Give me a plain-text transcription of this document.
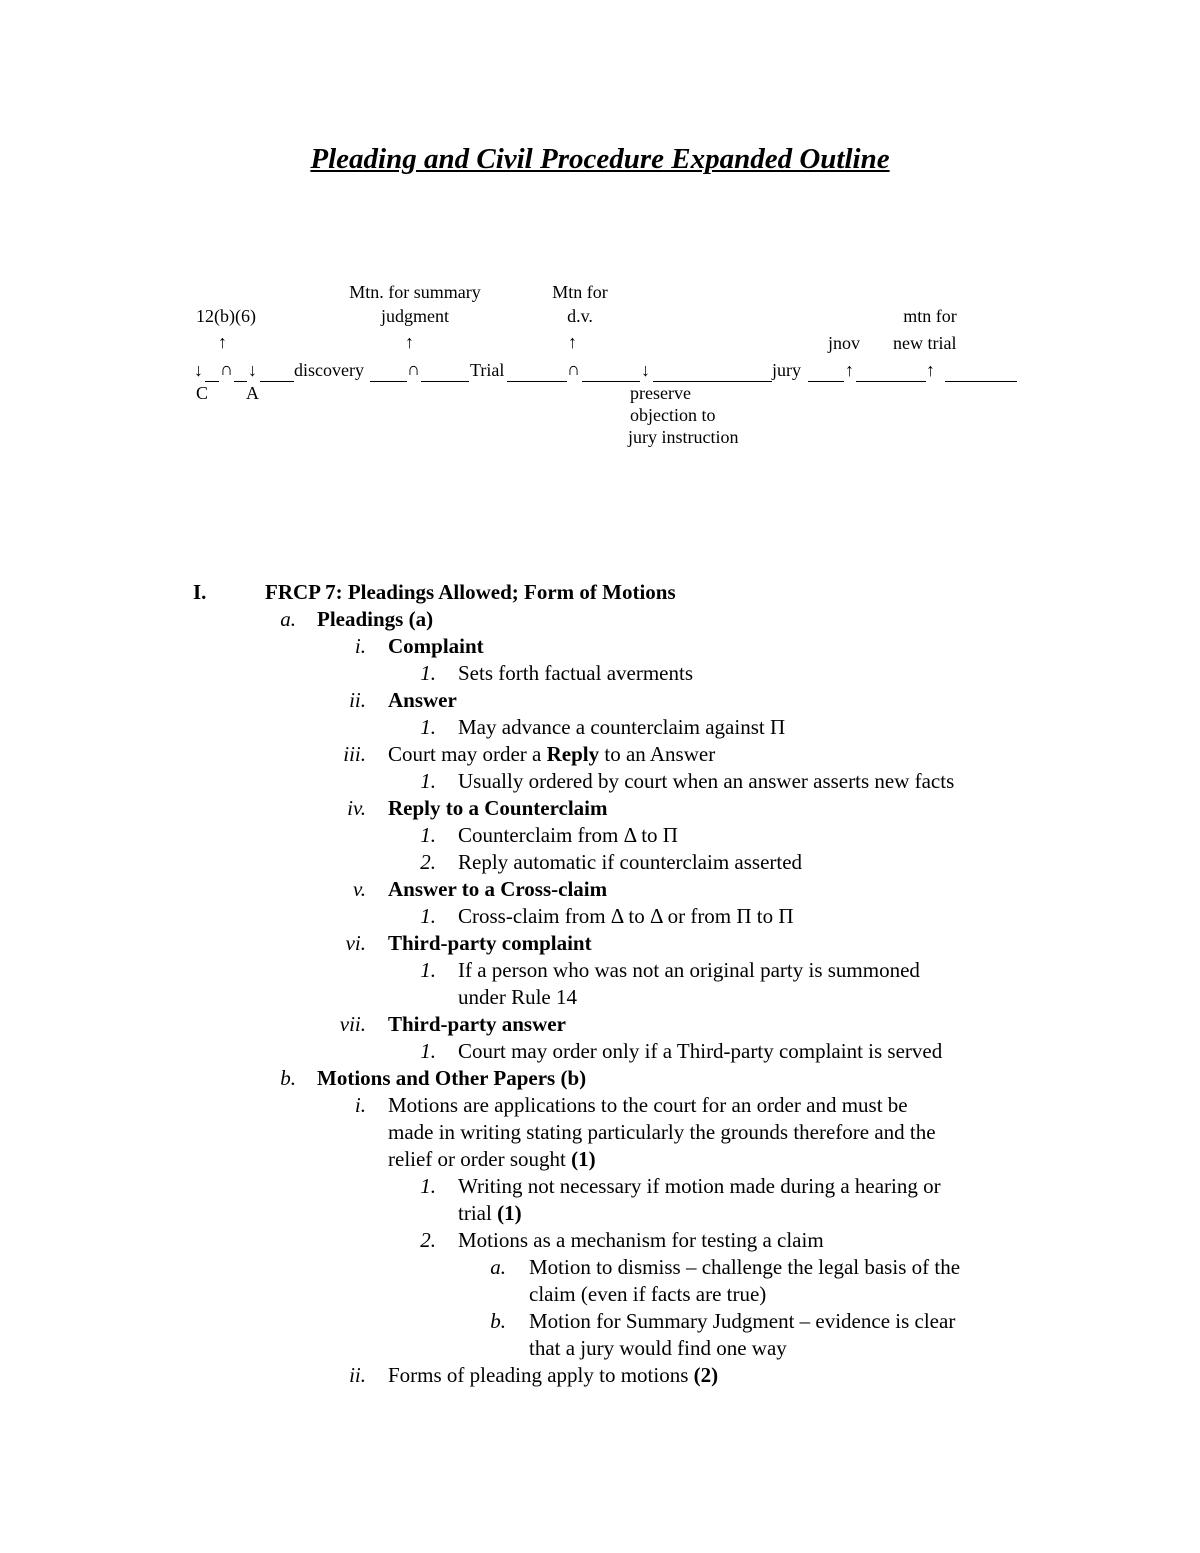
Pleading and Civil Procedure Expanded Outline
12(b)(6)
Mtn. for summary
judgment
Mtn for
d.v.	mtn for
jnov new trial
↑	↑	↑
↓ ∩ ↓ discovery ∩	Trial	∩	↓	jury ↑	↑
C A	preserve
objection to
jury instruction
I.	FRCP 7: Pleadings Allowed; Form of Motions
a. Pleadings (a)
i. Complaint
1. Sets forth factual averments
ii. Answer
1. May advance a counterclaim against Π
iii. Court may order a Reply to an Answer
1. Usually ordered by court when an answer asserts new facts
iv. Reply to a Counterclaim
1. Counterclaim from Δ to Π
2. Reply automatic if counterclaim asserted
v. Answer to a Cross-claim
1. Cross-claim from Δ to Δ or from Π to Π
vi. Third-party complaint
1. If a person who was not an original party is summoned
under Rule 14
vii. Third-party answer
1. Court may order only if a Third-party complaint is served
b. Motions and Other Papers (b)
i. Motions are applications to the court for an order and must be
made in writing stating particularly the grounds therefore and the
relief or order sought (1)
1. Writing not necessary if motion made during a hearing or
trial (1)
2. Motions as a mechanism for testing a claim
a. Motion to dismiss – challenge the legal basis of the
claim (even if facts are true)
b. Motion for Summary Judgment – evidence is clear
that a jury would find one way
ii. Forms of pleading apply to motions (2)
